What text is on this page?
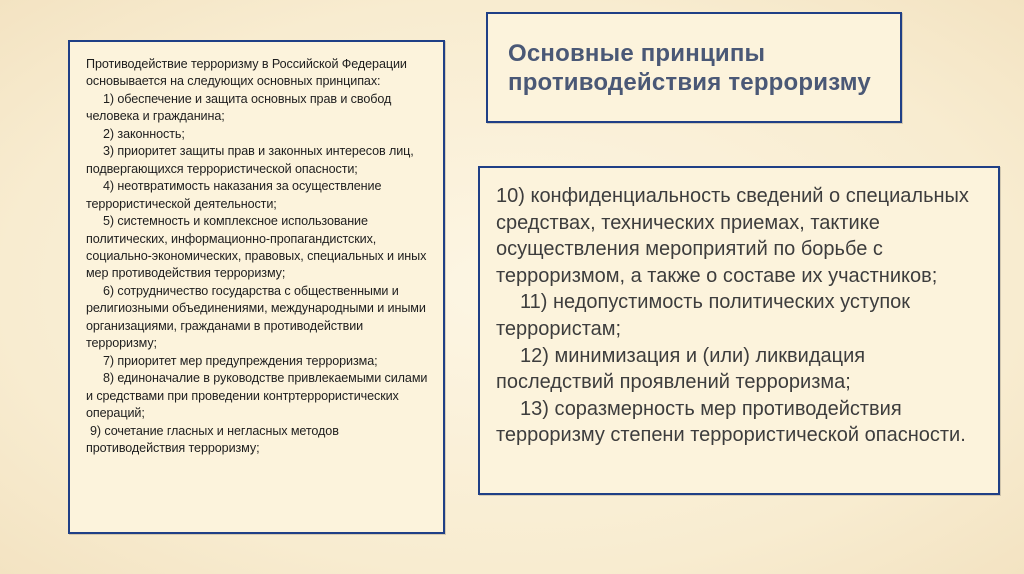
Противодействие терроризму в Российской Федерации основывается на следующих основных принципах:

1) обеспечение и защита основных прав и свобод человека и гражданина;

2) законность;

3) приоритет защиты прав и законных интересов лиц, подвергающихся террористической опасности;

4) неотвратимость наказания за осуществление террористической деятельности;

5) системность и комплексное использование политических, информационно-пропагандистских, социально-экономических, правовых, специальных и иных мер противодействия терроризму;

6) сотрудничество государства с общественными и религиозными объединениями, международными и иными организациями, гражданами в противодействии терроризму;

7) приоритет мер предупреждения терроризма;

8) единоначалие в руководстве привлекаемыми силами и средствами при проведении контртеррористических операций;

9) сочетание гласных и негласных методов противодействия терроризму;

Основные принципы
противодействия терроризму

10) конфиденциальность сведений о специальных средствах, технических приемах, тактике осуществления мероприятий по борьбе с терроризмом, а также о составе их участников;

11) недопустимость политических уступок террористам;

12) минимизация и (или) ликвидация последствий проявлений терроризма;

13) соразмерность мер противодействия терроризму степени террористической опасности.
